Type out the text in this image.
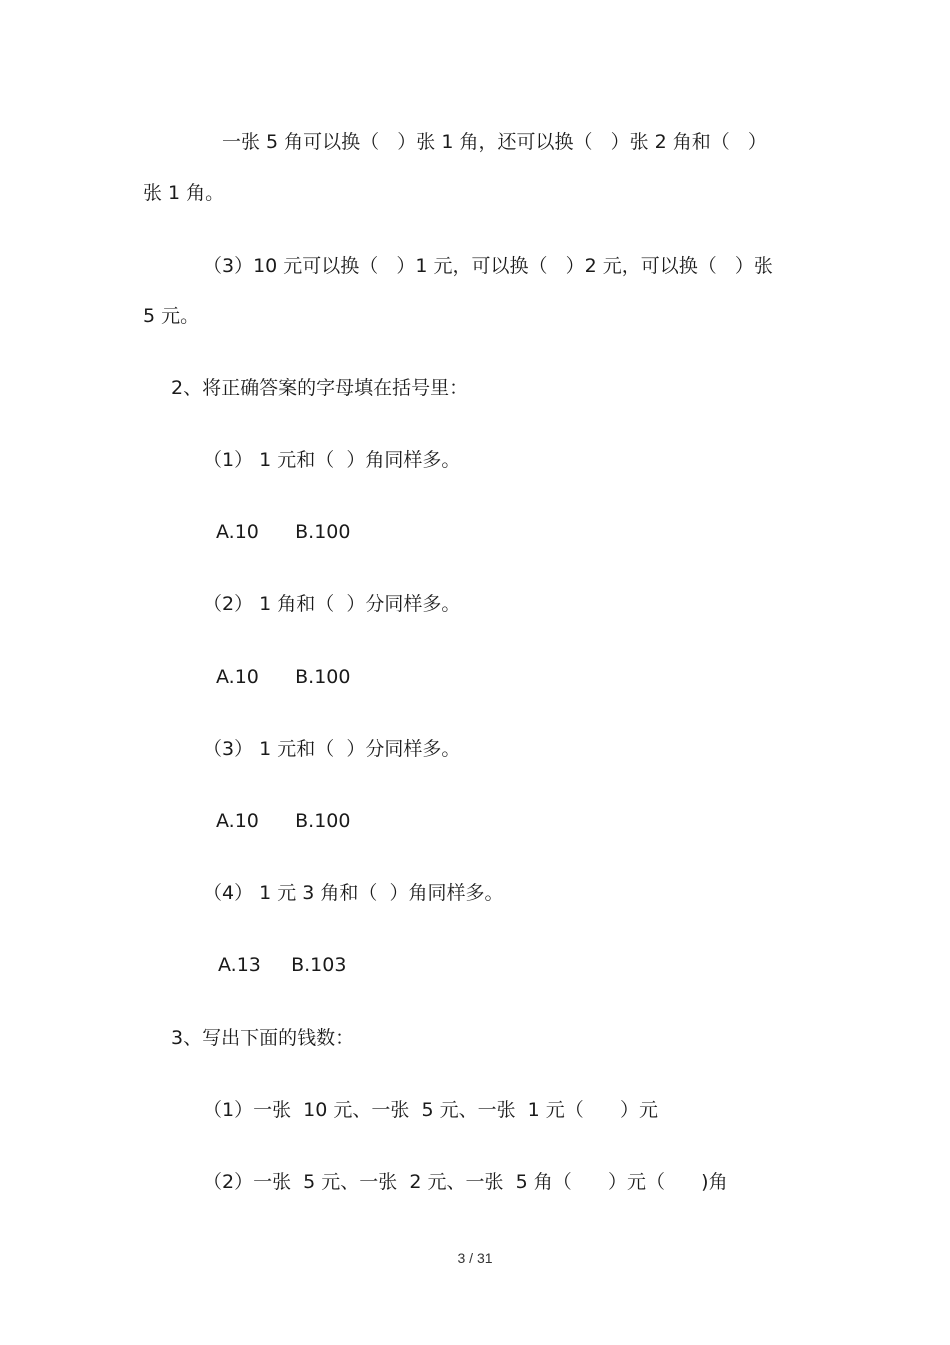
一张 5 角可以换（   ）张 1 角，还可以换（   ）张 2 角和（   ）
张 1 角。
（3）10 元可以换（   ）1 元，可以换（   ）2 元，可以换（   ）张
5 元。
2、将正确答案的字母填在括号里：
（1） 1 元和（  ）角同样多。
A.10      B.100
（2） 1 角和（  ）分同样多。
A.10      B.100
（3） 1 元和（  ）分同样多。
A.10      B.100
（4） 1 元 3 角和（  ）角同样多。
A.13     B.103
3、写出下面的钱数：
（1）一张  10 元、一张  5 元、一张  1 元（      ）元
（2）一张  5 元、一张  2 元、一张  5 角（      ）元（      )角
3 / 31
